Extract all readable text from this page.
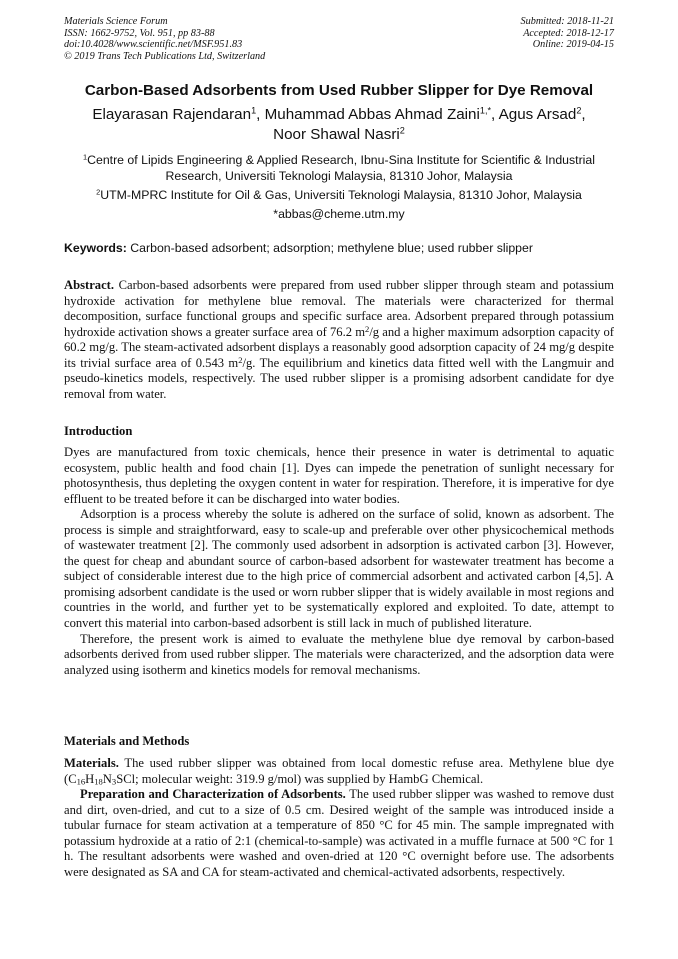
Materials Science Forum
ISSN: 1662-9752, Vol. 951, pp 83-88
doi:10.4028/www.scientific.net/MSF.951.83
© 2019 Trans Tech Publications Ltd, Switzerland
Submitted: 2018-11-21
Accepted: 2018-12-17
Online: 2019-04-15
Carbon-Based Adsorbents from Used Rubber Slipper for Dye Removal
Elayarasan Rajendaran$^1$, Muhammad Abbas Ahmad Zaini$^{1,*}$, Agus Arsad$^2$,
Noor Shawal Nasri$^2$
$^1$Centre of Lipids Engineering & Applied Research, Ibnu-Sina Institute for Scientific & Industrial Research, Universiti Teknologi Malaysia, 81310 Johor, Malaysia
$^2$UTM-MPRC Institute for Oil & Gas, Universiti Teknologi Malaysia, 81310 Johor, Malaysia
*abbas@cheme.utm.my
Keywords: Carbon-based adsorbent; adsorption; methylene blue; used rubber slipper

Abstract. Carbon-based adsorbents were prepared from used rubber slipper through steam and potassium hydroxide activation for methylene blue removal. The materials were characterized for thermal decomposition, surface functional groups and specific surface area. Adsorbent prepared through potassium hydroxide activation shows a greater surface area of 76.2 $m^2/g$ and a higher maximum adsorption capacity of 60.2 mg/g. The steam-activated adsorbent displays a reasonably good adsorption capacity of 24 mg/g despite its trivial surface area of 0.543 $m^2/g$. The equilibrium and kinetics data fitted well with the Langmuir and pseudo-kinetics models, respectively. The used rubber slipper is a promising adsorbent candidate for dye removal from water.

Introduction

Dyes are manufactured from toxic chemicals, hence their presence in water is detrimental to aquatic ecosystem, public health and food chain [1]. Dyes can impede the penetration of sunlight necessary for photosynthesis, thus depleting the oxygen content in water for respiration. Therefore, it is imperative for dye effluent to be treated before it can be discharged into water bodies.

Adsorption is a process whereby the solute is adhered on the surface of solid, known as adsorbent. The process is simple and straightforward, easy to scale-up and preferable over other physicochemical methods of wastewater treatment [2]. The commonly used adsorbent in adsorption is activated carbon [3]. However, the quest for cheap and abundant source of carbon-based adsorbent for wastewater treatment has become a subject of considerable interest due to the high price of commercial adsorbent and activated carbon [4,5]. A promising adsorbent candidate is the used or worn rubber slipper that is widely available in most regions and countries in the world, and further yet to be systematically explored and exploited. To date, attempt to convert this material into carbon-based adsorbent is still lack in much of published literature.

Therefore, the present work is aimed to evaluate the methylene blue dye removal by carbon-based adsorbents derived from used rubber slipper. The materials were characterized, and the adsorption data were analyzed using isotherm and kinetics models for removal mechanisms.

Materials and Methods

Materials. The used rubber slipper was obtained from local domestic refuse area. Methylene blue dye ($C_{16}H_{18}N_3SCl$; molecular weight: 319.9 g/mol) was supplied by HambG Chemical.

Preparation and Characterization of Adsorbents. The used rubber slipper was washed to remove dust and dirt, oven-dried, and cut to a size of 0.5 cm. Desired weight of the sample was introduced inside a tubular furnace for steam activation at a temperature of 850 °C for 45 min. The sample impregnated with potassium hydroxide at a ratio of 2:1 (chemical-to-sample) was activated in a muffle furnace at 500 °C for 1 h. The resultant adsorbents were washed and oven-dried at 120 °C overnight before use. The adsorbents were designated as SA and CA for steam-activated and chemical-activated adsorbents, respectively.
